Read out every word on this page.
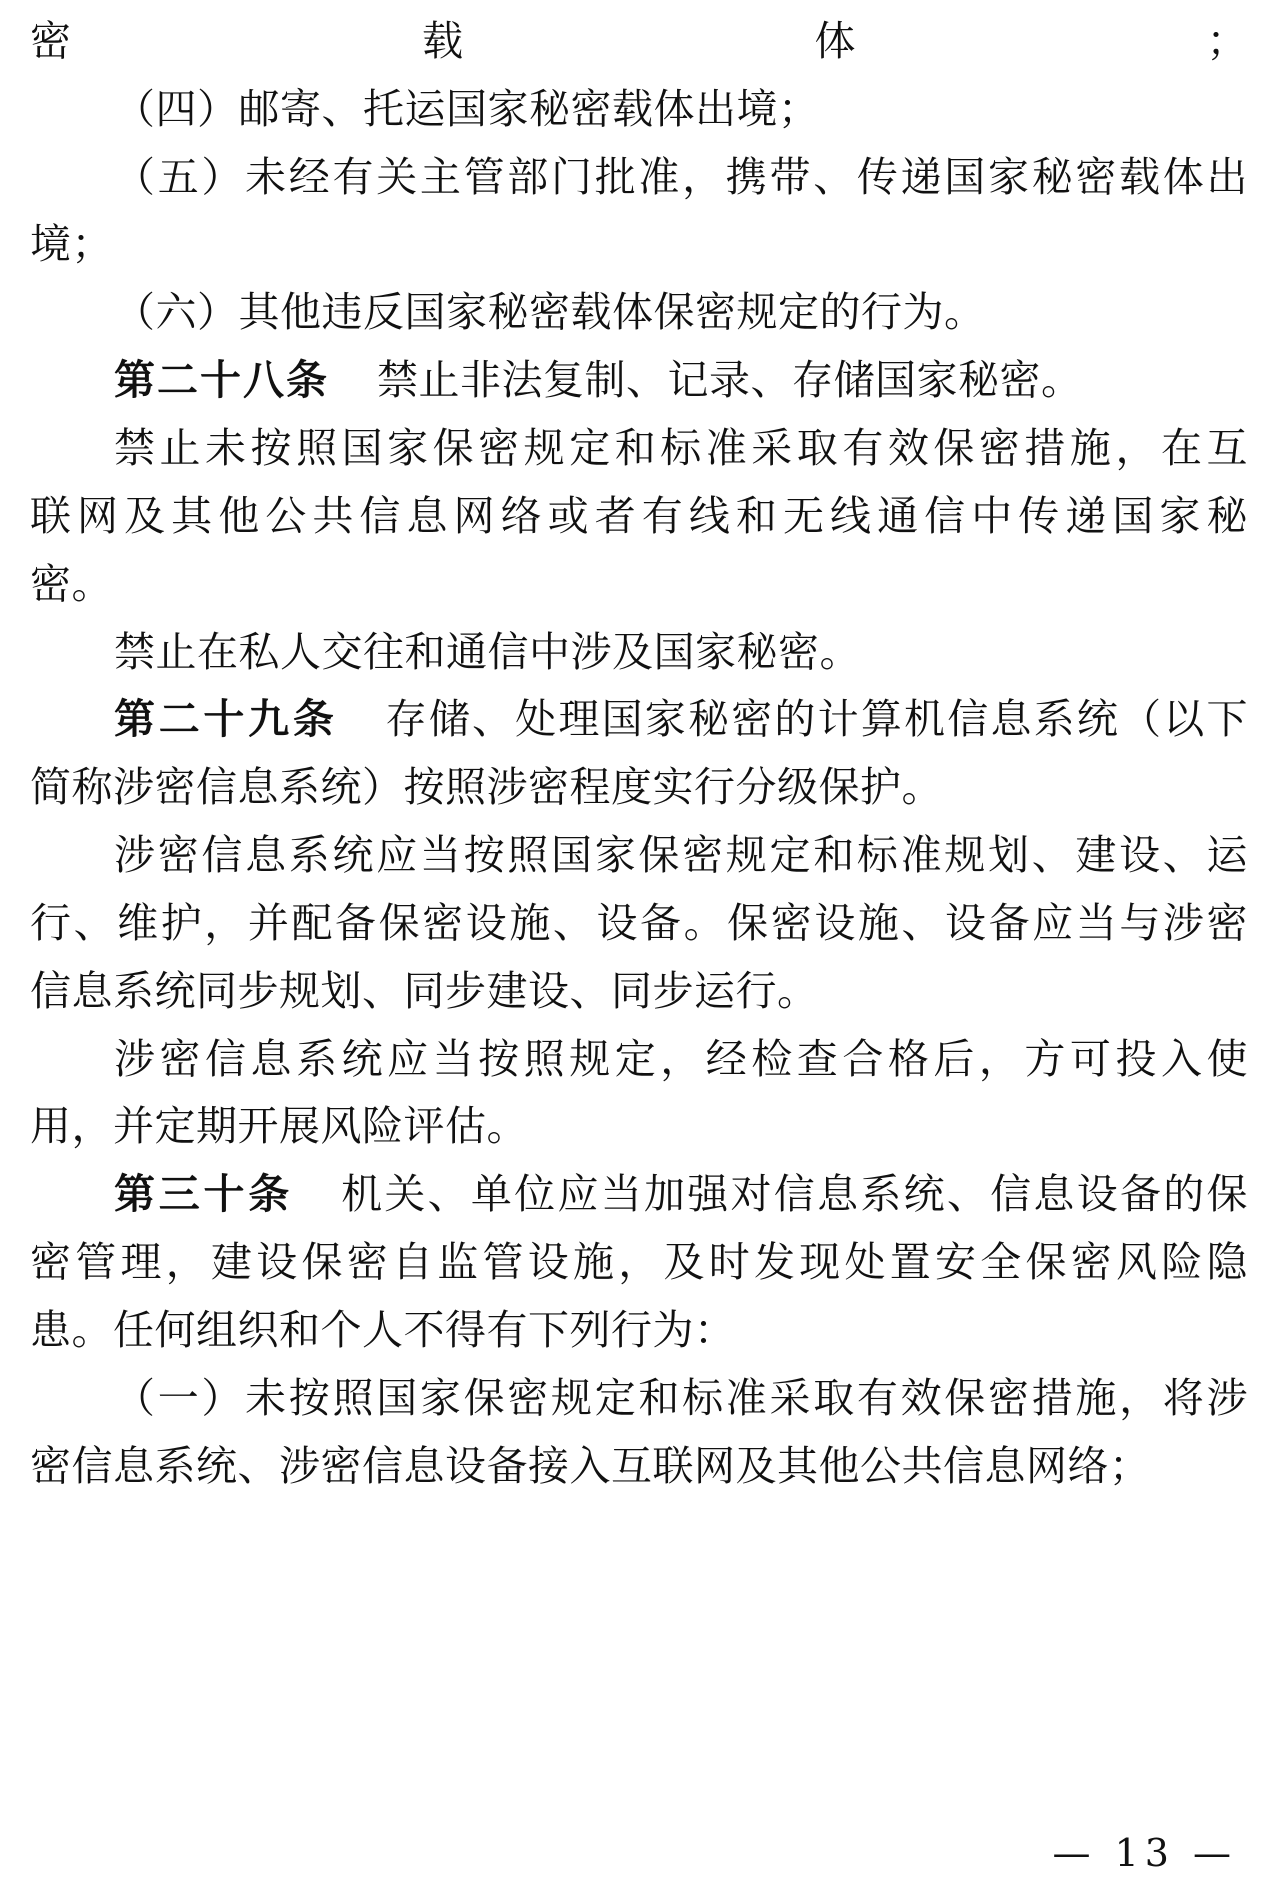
密载体；
（四）邮寄、托运国家秘密载体出境；
（五）未经有关主管部门批准，携带、传递国家秘密载体出
境；
（六）其他违反国家秘密载体保密规定的行为。
第二十八条 禁止非法复制、记录、存储国家秘密。
禁止未按照国家保密规定和标准采取有效保密措施，在互
联网及其他公共信息网络或者有线和无线通信中传递国家秘
密。
禁止在私人交往和通信中涉及国家秘密。
第二十九条 存储、处理国家秘密的计算机信息系统（以下
简称涉密信息系统）按照涉密程度实行分级保护。
涉密信息系统应当按照国家保密规定和标准规划、建设、运
行、维护，并配备保密设施、设备。保密设施、设备应当与涉密
信息系统同步规划、同步建设、同步运行。
涉密信息系统应当按照规定，经检查合格后，方可投入使
用，并定期开展风险评估。
第三十条 机关、单位应当加强对信息系统、信息设备的保
密管理，建设保密自监管设施，及时发现处置安全保密风险隐
患。任何组织和个人不得有下列行为：
（一）未按照国家保密规定和标准采取有效保密措施，将涉
密信息系统、涉密信息设备接入互联网及其他公共信息网络；
— 13 —
